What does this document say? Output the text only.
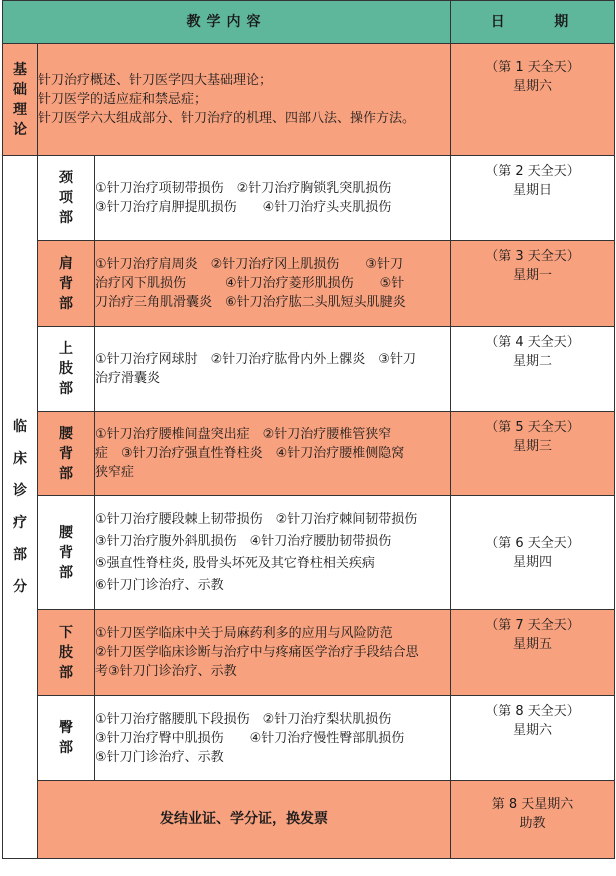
教学内容			日    期
基础理论	针刀治疗概述、针刀医学四大基础理论；
针刀医学的适应症和禁忌症；
针刀医学六大组成部分、针刀治疗的机理、四部八法、操作方法。		（第 1 天全天）
星期六

临床诊疗部分	颈项部	①针刀治疗项韧带损伤　②针刀治疗胸锁乳突肌损伤
③针刀治疗肩胛提肌损伤　　④针刀治疗头夹肌损伤	（第 2 天全天）
星期日

	肩背部	①针刀治疗肩周炎　②针刀治疗冈上肌损伤　　③针刀
治疗冈下肌损伤　　　④针刀治疗菱形肌损伤　　⑤针
刀治疗三角肌滑囊炎　⑥针刀治疗肱二头肌短头肌腱炎	（第 3 天全天）
星期一

	上肢部	①针刀治疗网球肘　②针刀治疗肱骨内外上髁炎　③针刀
治疗滑囊炎	（第 4 天全天）
星期二

	腰背部	①针刀治疗腰椎间盘突出症　②针刀治疗腰椎管狭窄
症　③针刀治疗强直性脊柱炎　④针刀治疗腰椎侧隐窝
狭窄症	（第 5 天全天）
星期三

	腰背部	①针刀治疗腰段棘上韧带损伤　②针刀治疗棘间韧带损伤
③针刀治疗腹外斜肌损伤　④针刀治疗腰肋韧带损伤
⑤强直性脊柱炎, 股骨头坏死及其它脊柱相关疾病
⑥针刀门诊治疗、示教	（第 6 天全天）
星期四

	下肢部	①针刀医学临床中关于局麻药利多的应用与风险防范
②针刀医学临床诊断与治疗中与疼痛医学治疗手段结合思
考③针刀门诊治疗、示教	（第 7 天全天）
星期五

	臀部	①针刀治疗髂腰肌下段损伤　②针刀治疗梨状肌损伤
③针刀治疗臀中肌损伤　　④针刀治疗慢性臀部肌损伤
⑤针刀门诊治疗、示教	（第 8 天全天）
星期六

	发结业证、学分证，换发票		第 8 天星期六
助教
